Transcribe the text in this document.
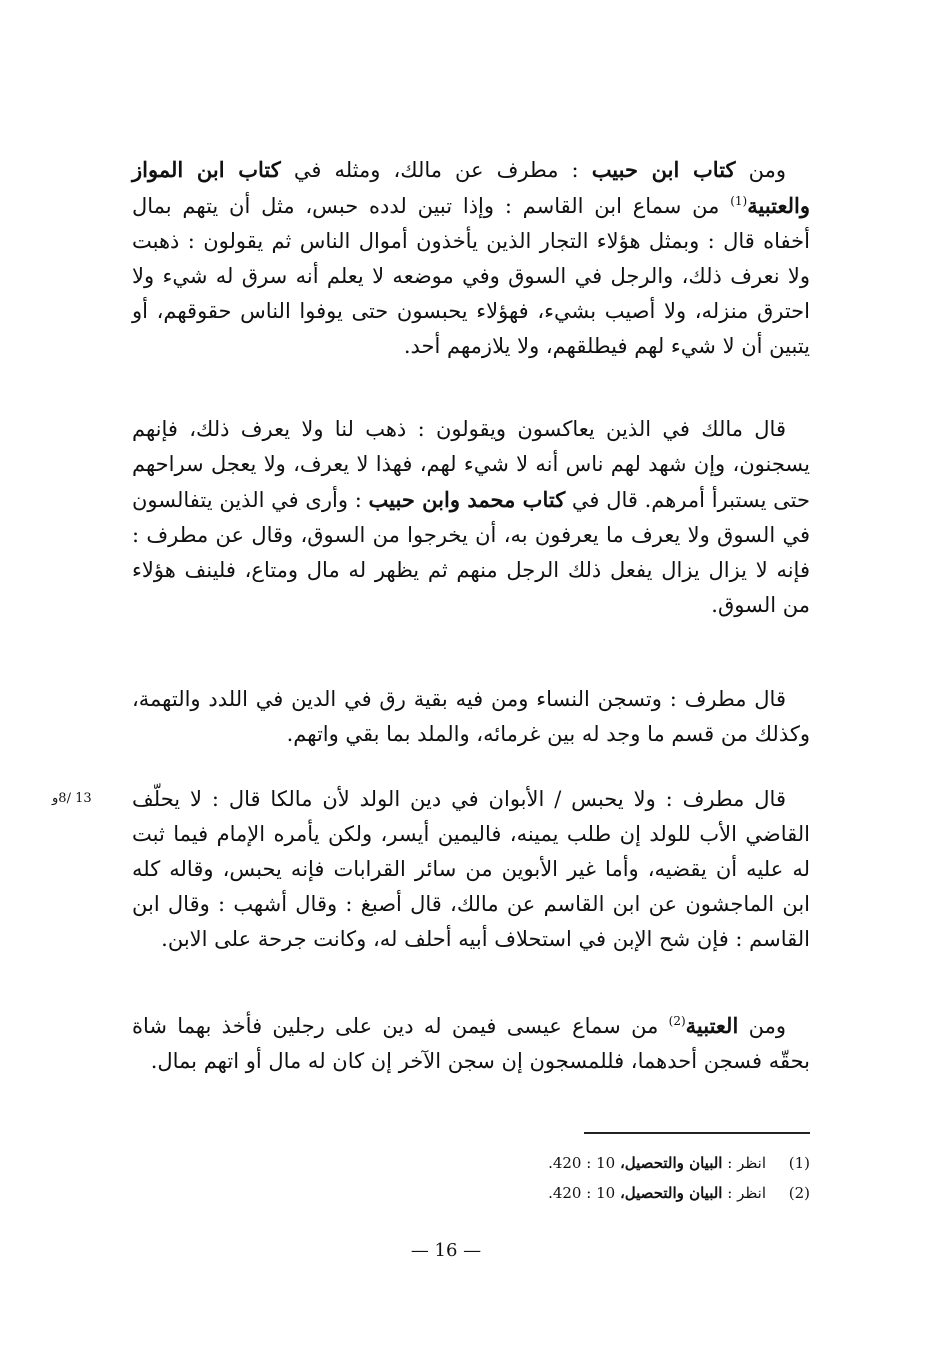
ومن كتاب ابن حبيب : مطرف عن مالك، ومثله في كتاب ابن المواز والعتبية$^{(1)}$ من سماع ابن القاسم : وإذا تبين لدده حبس، مثل أن يتهم بمال أخفاه قال : وبمثل هؤلاء التجار الذين يأخذون أموال الناس ثم يقولون : ذهبت ولا نعرف ذلك، والرجل في السوق وفي موضعه لا يعلم أنه سرق له شيء ولا احترق منزله، ولا أصيب بشيء، فهؤلاء يحبسون حتى يوفوا الناس حقوقهم، أو يتبين أن لا شيء لهم فيطلقهم، ولا يلازمهم أحد.

قال مالك في الذين يعاكسون ويقولون : ذهب لنا ولا يعرف ذلك، فإنهم يسجنون، وإن شهد لهم ناس أنه لا شيء لهم، فهذا لا يعرف، ولا يعجل سراحهم حتى يستبرأ أمرهم. قال في كتاب محمد وابن حبيب : وأرى في الذين يتفالسون في السوق ولا يعرف ما يعرفون به، أن يخرجوا من السوق، وقال عن مطرف : فإنه لا يزال يزال يفعل ذلك الرجل منهم ثم يظهر له مال ومتاع، فلينف هؤلاء من السوق.

قال مطرف : وتسجن النساء ومن فيه بقية رق في الدين في اللدد والتهمة، وكذلك من قسم ما وجد له بين غرمائه، والملد بما بقي واتهم.

قال مطرف : ولا يحبس / الأبوان في دين الولد لأن مالكا قال : لا يحلّف القاضي الأب للولد إن طلب يمينه، فاليمين أيسر، ولكن يأمره الإمام فيما ثبت له عليه أن يقضيه، وأما غير الأبوين من سائر القرابات فإنه يحبس، وقاله كله ابن الماجشون عن ابن القاسم عن مالك، قال أصبغ : وقال أشهب : وقال ابن القاسم : فإن شح الإبن في استحلاف أبيه أحلف له، وكانت جرحة على الابن.

ومن العتبية$^{(2)}$ من سماع عيسى فيمن له دين على رجلين فأخذ بهما شاة بحقّه فسجن أحدهما، فللمسجون إن سجن الآخر إن كان له مال أو اتهم بمال.

13 /8و
(1)انظر : البيان والتحصيل، 10 : 420.
(2)انظر : البيان والتحصيل، 10 : 420.
— 16 —
